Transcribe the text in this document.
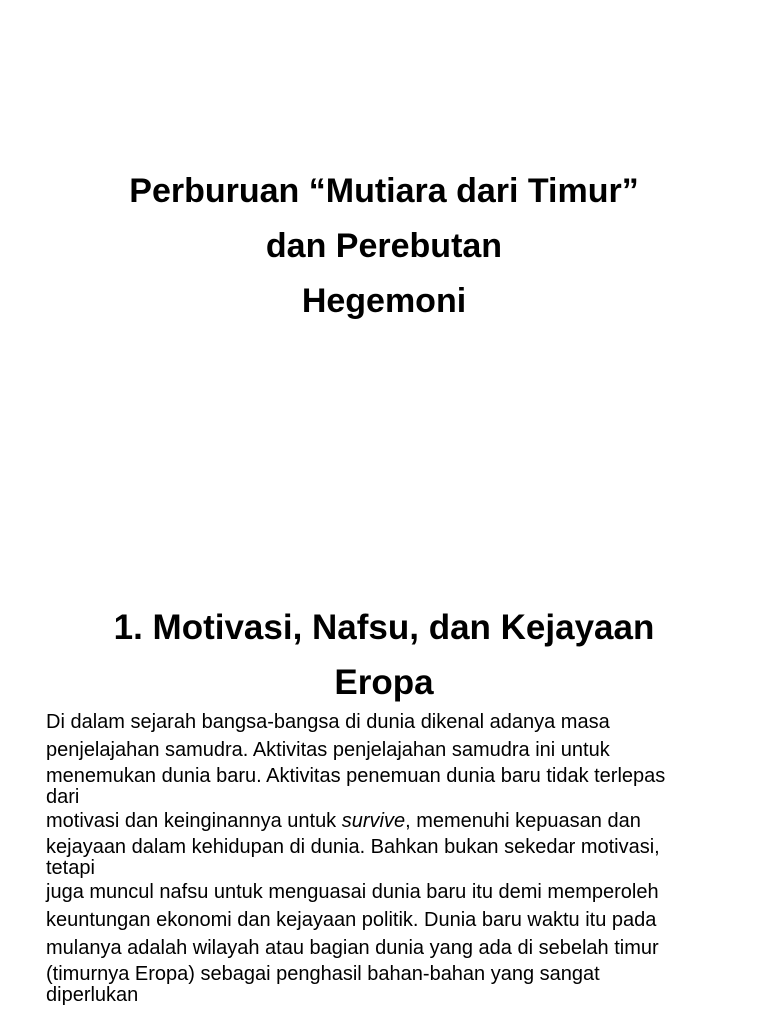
Perburuan “Mutiara dari Timur”
dan Perebutan
Hegemoni
1. Motivasi, Nafsu, dan Kejayaan
Eropa
Di dalam sejarah bangsa-bangsa di dunia dikenal adanya masa
penjelajahan samudra. Aktivitas penjelajahan samudra ini untuk
menemukan dunia baru. Aktivitas penemuan dunia baru tidak terlepas
dari
motivasi dan keinginannya untuk survive, memenuhi kepuasan dan
kejayaan dalam kehidupan di dunia. Bahkan bukan sekedar motivasi,
tetapi
juga muncul nafsu untuk menguasai dunia baru itu demi memperoleh
keuntungan ekonomi dan kejayaan politik. Dunia baru waktu itu pada
mulanya adalah wilayah atau bagian dunia yang ada di sebelah timur
(timurnya Eropa) sebagai penghasil bahan-bahan yang sangat
diperlukan
